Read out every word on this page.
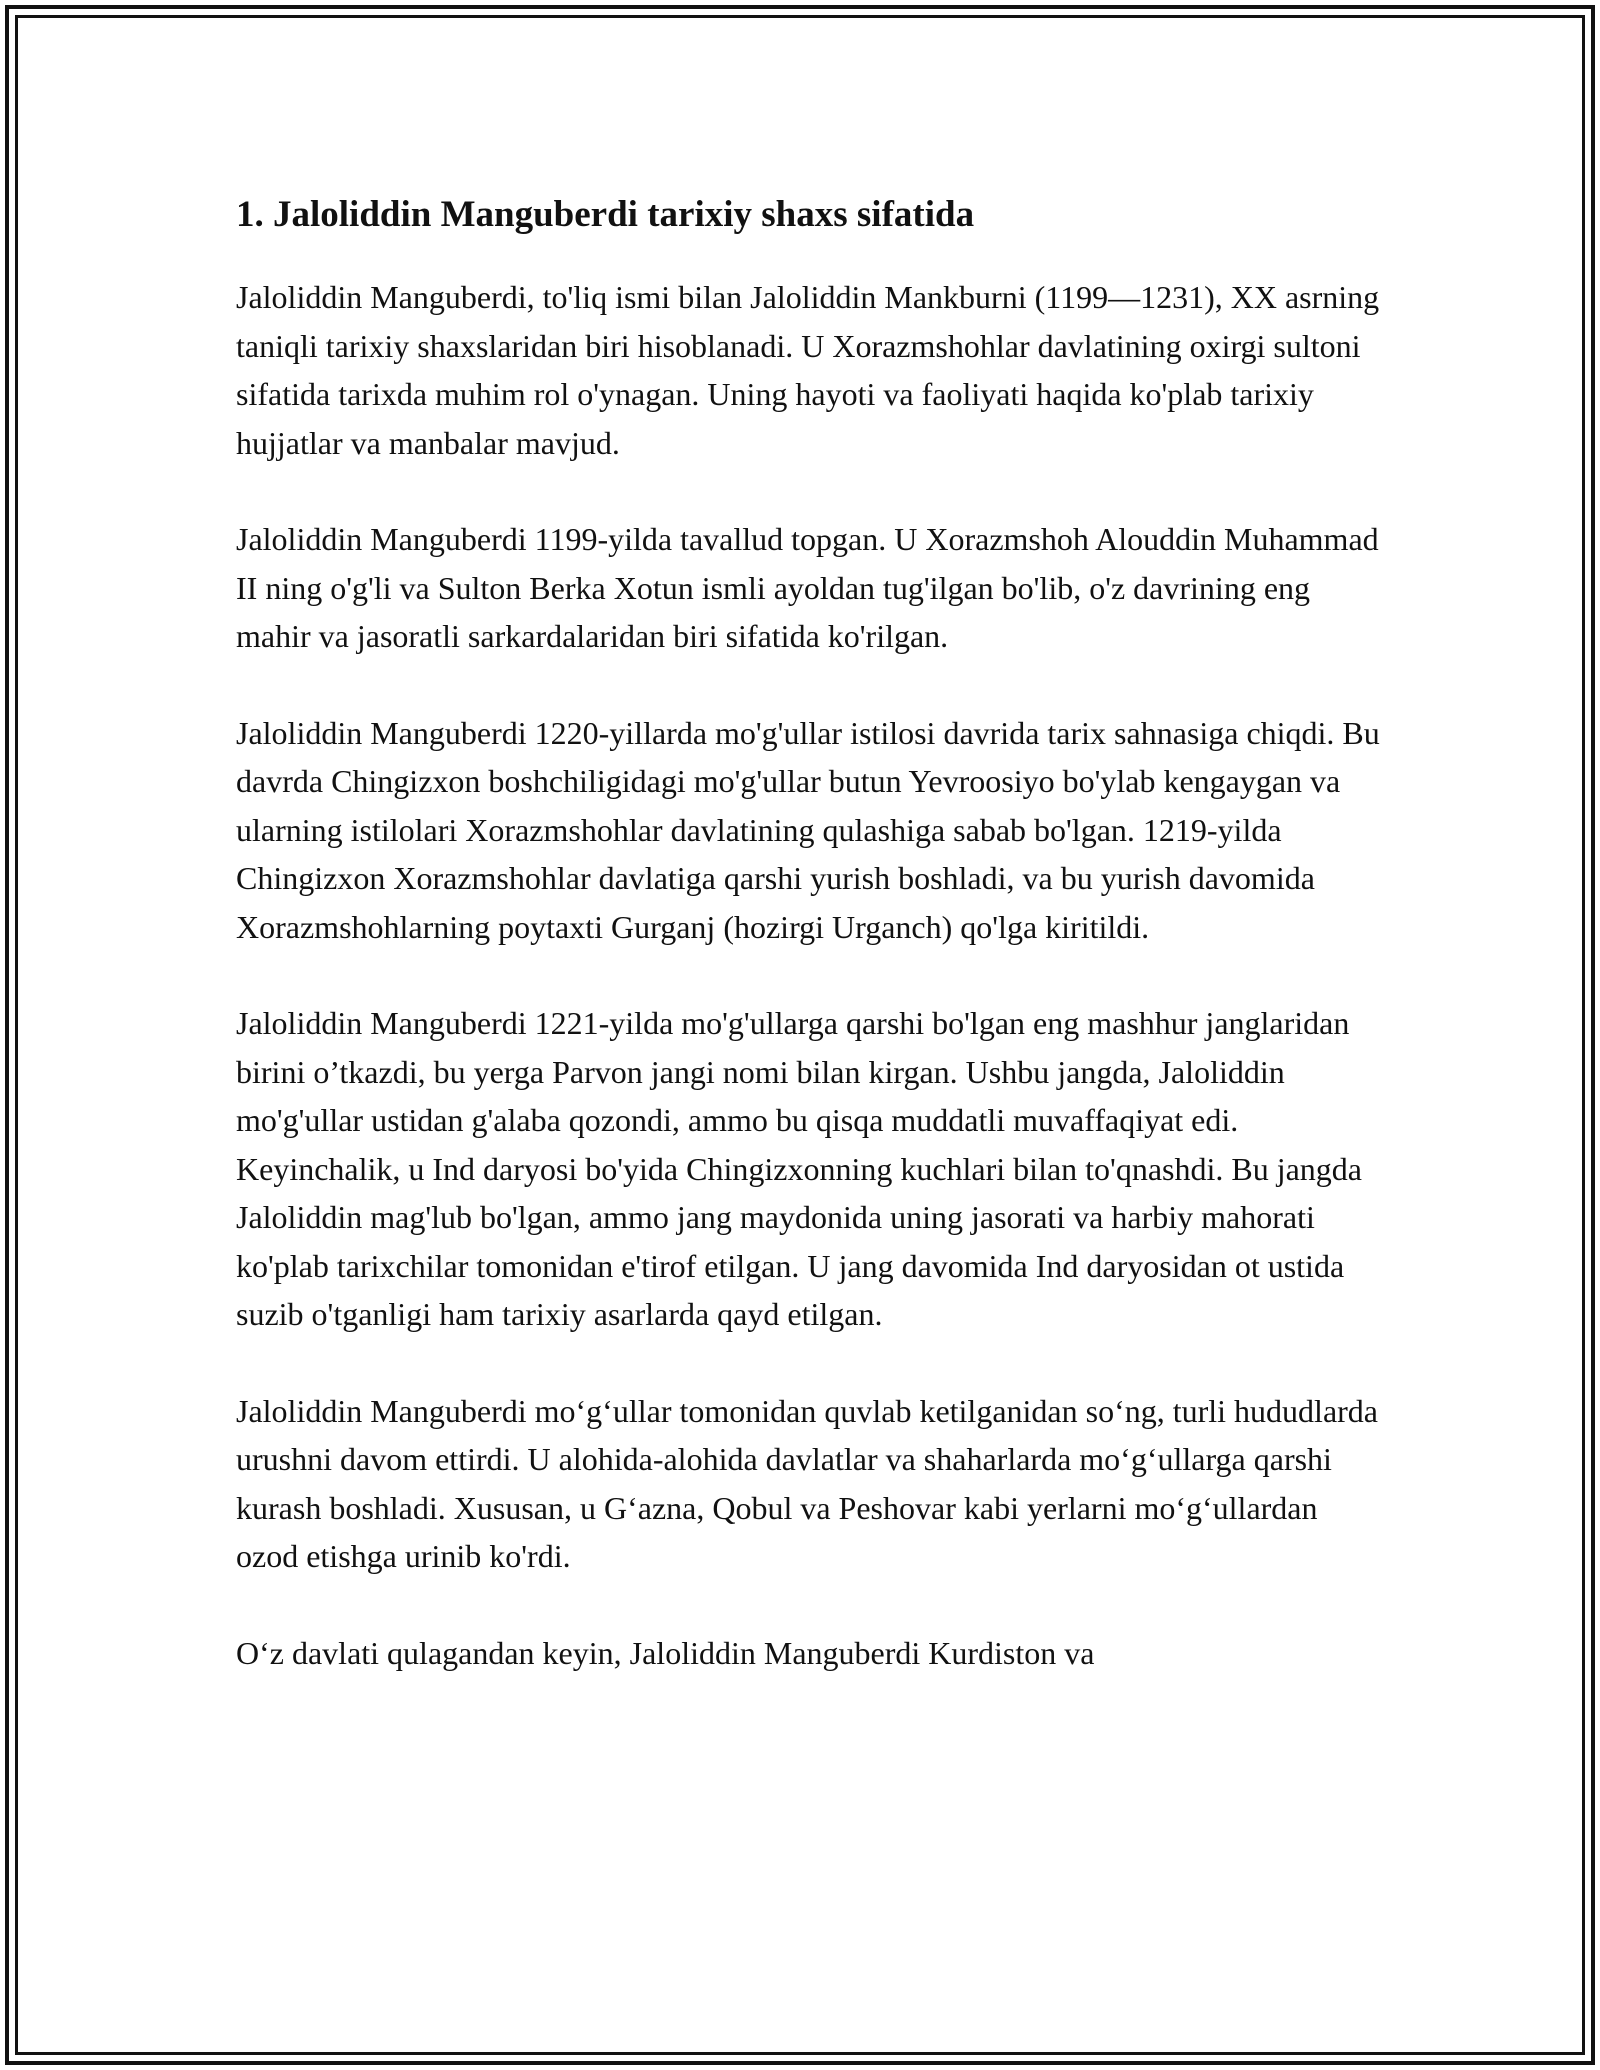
1. Jaloliddin Manguberdi tarixiy shaxs sifatida

Jaloliddin Manguberdi, to'liq ismi bilan Jaloliddin Mankburni (1199—1231), XX asrning taniqli tarixiy shaxslaridan biri hisoblanadi. U Xorazmshohlar davlatining oxirgi sultoni sifatida tarixda muhim rol o'ynagan. Uning hayoti va faoliyati haqida ko'plab tarixiy hujjatlar va manbalar mavjud.

Jaloliddin Manguberdi 1199-yilda tavallud topgan. U Xorazmshoh Alouddin Muhammad II ning o'g'li va Sulton Berka Xotun ismli ayoldan tug'ilgan bo'lib, o'z davrining eng mahir va jasoratli sarkardalaridan biri sifatida ko'rilgan.

Jaloliddin Manguberdi 1220-yillarda mo'g'ullar istilosi davrida tarix sahnasiga chiqdi. Bu davrda Chingizxon boshchiligidagi mo'g'ullar butun Yevroosiyo bo'ylab kengaygan va ularning istilolari Xorazmshohlar davlatining qulashiga sabab bo'lgan. 1219-yilda Chingizxon Xorazmshohlar davlatiga qarshi yurish boshladi, va bu yurish davomida Xorazmshohlarning poytaxti Gurganj (hozirgi Urganch) qo'lga kiritildi.

Jaloliddin Manguberdi 1221-yilda mo'g'ullarga qarshi bo'lgan eng mashhur janglaridan birini o’tkazdi, bu yerga Parvon jangi nomi bilan kirgan. Ushbu jangda, Jaloliddin mo'g'ullar ustidan g'alaba qozondi, ammo bu qisqa muddatli muvaffaqiyat edi. Keyinchalik, u Ind daryosi bo'yida Chingizxonning kuchlari bilan to'qnashdi. Bu jangda Jaloliddin mag'lub bo'lgan, ammo jang maydonida uning jasorati va harbiy mahorati ko'plab tarixchilar tomonidan e'tirof etilgan. U jang davomida Ind daryosidan ot ustida suzib o'tganligi ham tarixiy asarlarda qayd etilgan.

Jaloliddin Manguberdi mo‘g‘ullar tomonidan quvlab ketilganidan so‘ng, turli hududlarda urushni davom ettirdi. U alohida-alohida davlatlar va shaharlarda mo‘g‘ullarga qarshi kurash boshladi. Xususan, u G‘azna, Qobul va Peshovar kabi yerlarni mo‘g‘ullardan ozod etishga urinib ko'rdi.

O‘z davlati qulagandan keyin, Jaloliddin Manguberdi Kurdiston va
